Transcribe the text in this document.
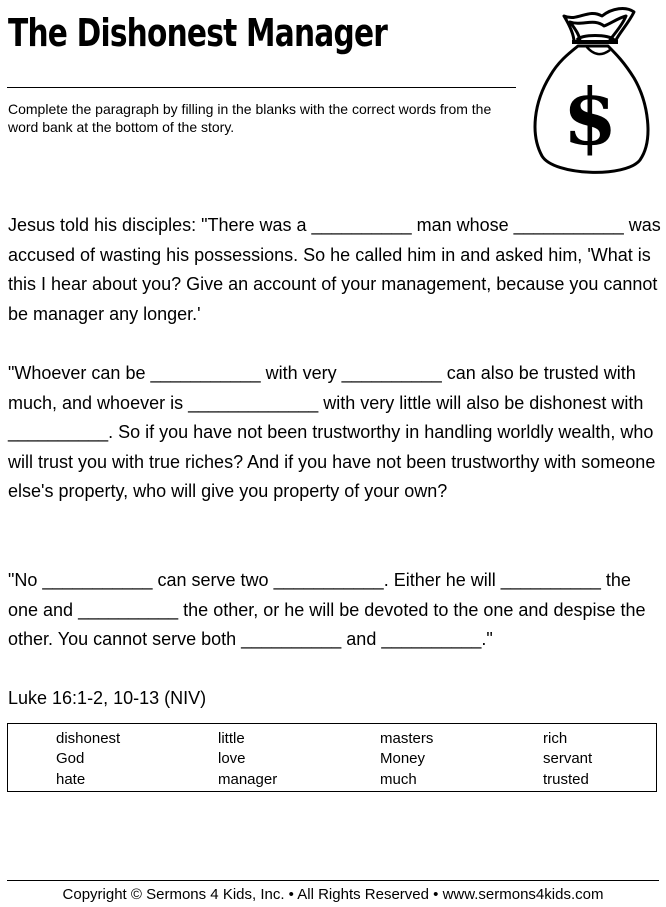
The Dishonest Manager
Complete the paragraph by filling in the blanks with the correct words from the word bank at the bottom of the story.	$

Jesus told his disciples: "There was a __________ man whose ___________ was accused of wasting his possessions. So he called him in and asked him, 'What is this I hear about you? Give an account of your management, because you cannot be manager any longer.'

"Whoever can be ___________ with very __________ can also be trusted with much, and whoever is _____________ with very little will also be dishonest with __________. So if you have not been trustworthy in handling worldly wealth, who will trust you with true riches? And if you have not been trustworthy with someone else's property, who will give you property of your own?

"No ___________ can serve two ___________. Either he will __________ the one and __________ the other, or he will be devoted to the one and despise the other. You cannot serve both __________ and __________."

Luke 16:1-2, 10-13 (NIV)
dishonest	little	masters	rich
God	love	Money	servant
hate	manager	much	trusted
Copyright © Sermons 4 Kids, Inc. • All Rights Reserved • www.sermons4kids.com
